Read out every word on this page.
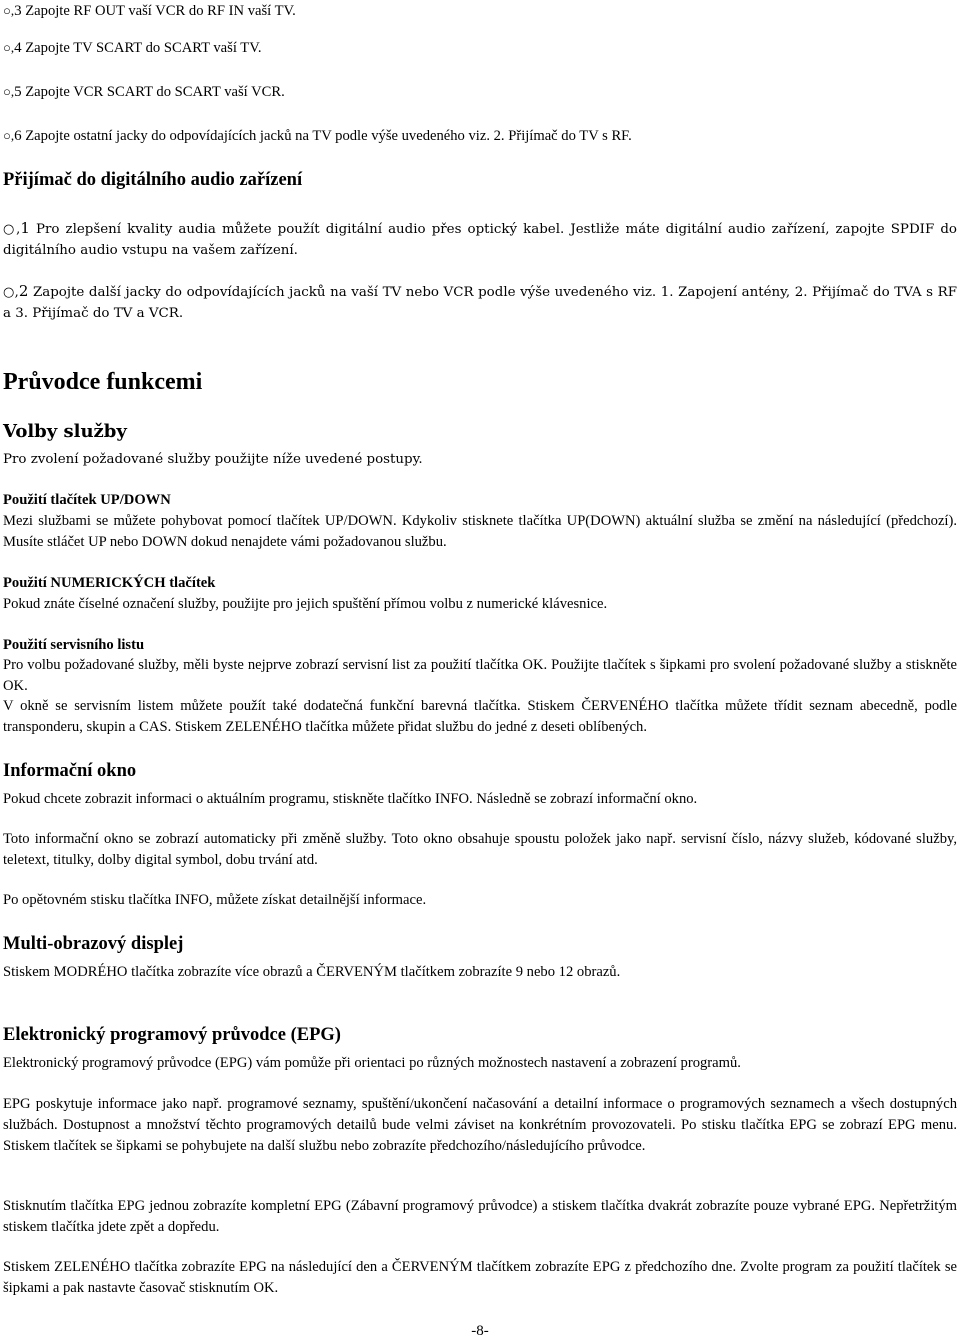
○,3 Zapojte RF OUT vaší VCR do RF IN vaší TV.

○,4 Zapojte TV SCART do SCART vaší TV.

○,5 Zapojte VCR SCART do SCART vaší VCR.

○,6 Zapojte ostatní jacky do odpovídajících jacků na TV podle výše uvedeného viz. 2. Přijímač do TV s RF.

Přijímač do digitálního audio zařízení

○,1 Pro zlepšení kvality audia můžete použít digitální audio přes optický kabel. Jestliže máte digitální audio zařízení, zapojte SPDIF do digitálního audio vstupu na vašem zařízení.

○,2 Zapojte další jacky do odpovídajících jacků na vaší TV nebo VCR podle výše uvedeného viz. 1. Zapojení antény, 2. Přijímač do TVA s RF a 3. Přijímač do TV a VCR.

Průvodce funkcemi
Volby služby

Pro zvolení požadované služby použijte níže uvedené postupy.

Použití tlačítek UP/DOWN

Mezi službami se můžete pohybovat pomocí tlačítek UP/DOWN. Kdykoliv stisknete tlačítka UP(DOWN) aktuální služba se změní na následující (předchozí). Musíte stláčet UP nebo DOWN dokud nenajdete vámi požadovanou službu.

Použití NUMERICKÝCH tlačítek

Pokud znáte číselné označení služby, použijte pro jejich spuštění přímou volbu z numerické klávesnice.

Použití servisního listu

Pro volbu požadované služby, měli byste nejprve zobrazí servisní list za použití tlačítka OK. Použijte tlačítek s šipkami pro svolení požadované služby a stiskněte OK.

V okně se servisním listem můžete použít také dodatečná funkční barevná tlačítka. Stiskem ČERVENÉHO tlačítka můžete třídit seznam abecedně, podle transponderu, skupin a CAS. Stiskem ZELENÉHO tlačítka můžete přidat službu do jedné z deseti oblíbených.

Informační okno

Pokud chcete zobrazit informaci o aktuálním programu, stiskněte tlačítko INFO. Následně se zobrazí informační okno.

Toto informační okno se zobrazí automaticky při změně služby. Toto okno obsahuje spoustu položek jako např. servisní číslo, názvy služeb, kódované služby, teletext, titulky, dolby digital symbol, dobu trvání atd.

Po opětovném stisku tlačítka INFO, můžete získat detailnější informace.

Multi-obrazový displej

Stiskem MODRÉHO tlačítka zobrazíte více obrazů a ČERVENÝM tlačítkem zobrazíte 9 nebo 12 obrazů.

Elektronický programový průvodce (EPG)

Elektronický programový průvodce (EPG) vám pomůže při orientaci po různých možnostech nastavení a zobrazení programů.

EPG poskytuje informace jako např. programové seznamy, spuštění/ukončení načasování a detailní informace o programových seznamech a všech dostupných službách. Dostupnost a množství těchto programových detailů bude velmi záviset na konkrétním provozovateli. Po stisku tlačítka EPG se zobrazí EPG menu. Stiskem tlačítek se šipkami se pohybujete na další službu nebo zobrazíte předchozího/následujícího průvodce.

Stisknutím tlačítka EPG jednou zobrazíte kompletní EPG (Zábavní programový průvodce) a stiskem tlačítka dvakrát zobrazíte pouze vybrané EPG. Nepřetržitým stiskem tlačítka jdete zpět a dopředu.

Stiskem ZELENÉHO tlačítka zobrazíte EPG na následující den a ČERVENÝM tlačítkem zobrazíte EPG z předchozího dne. Zvolte program za použití tlačítek se šipkami a pak nastavte časovač stisknutím OK.

-8-
